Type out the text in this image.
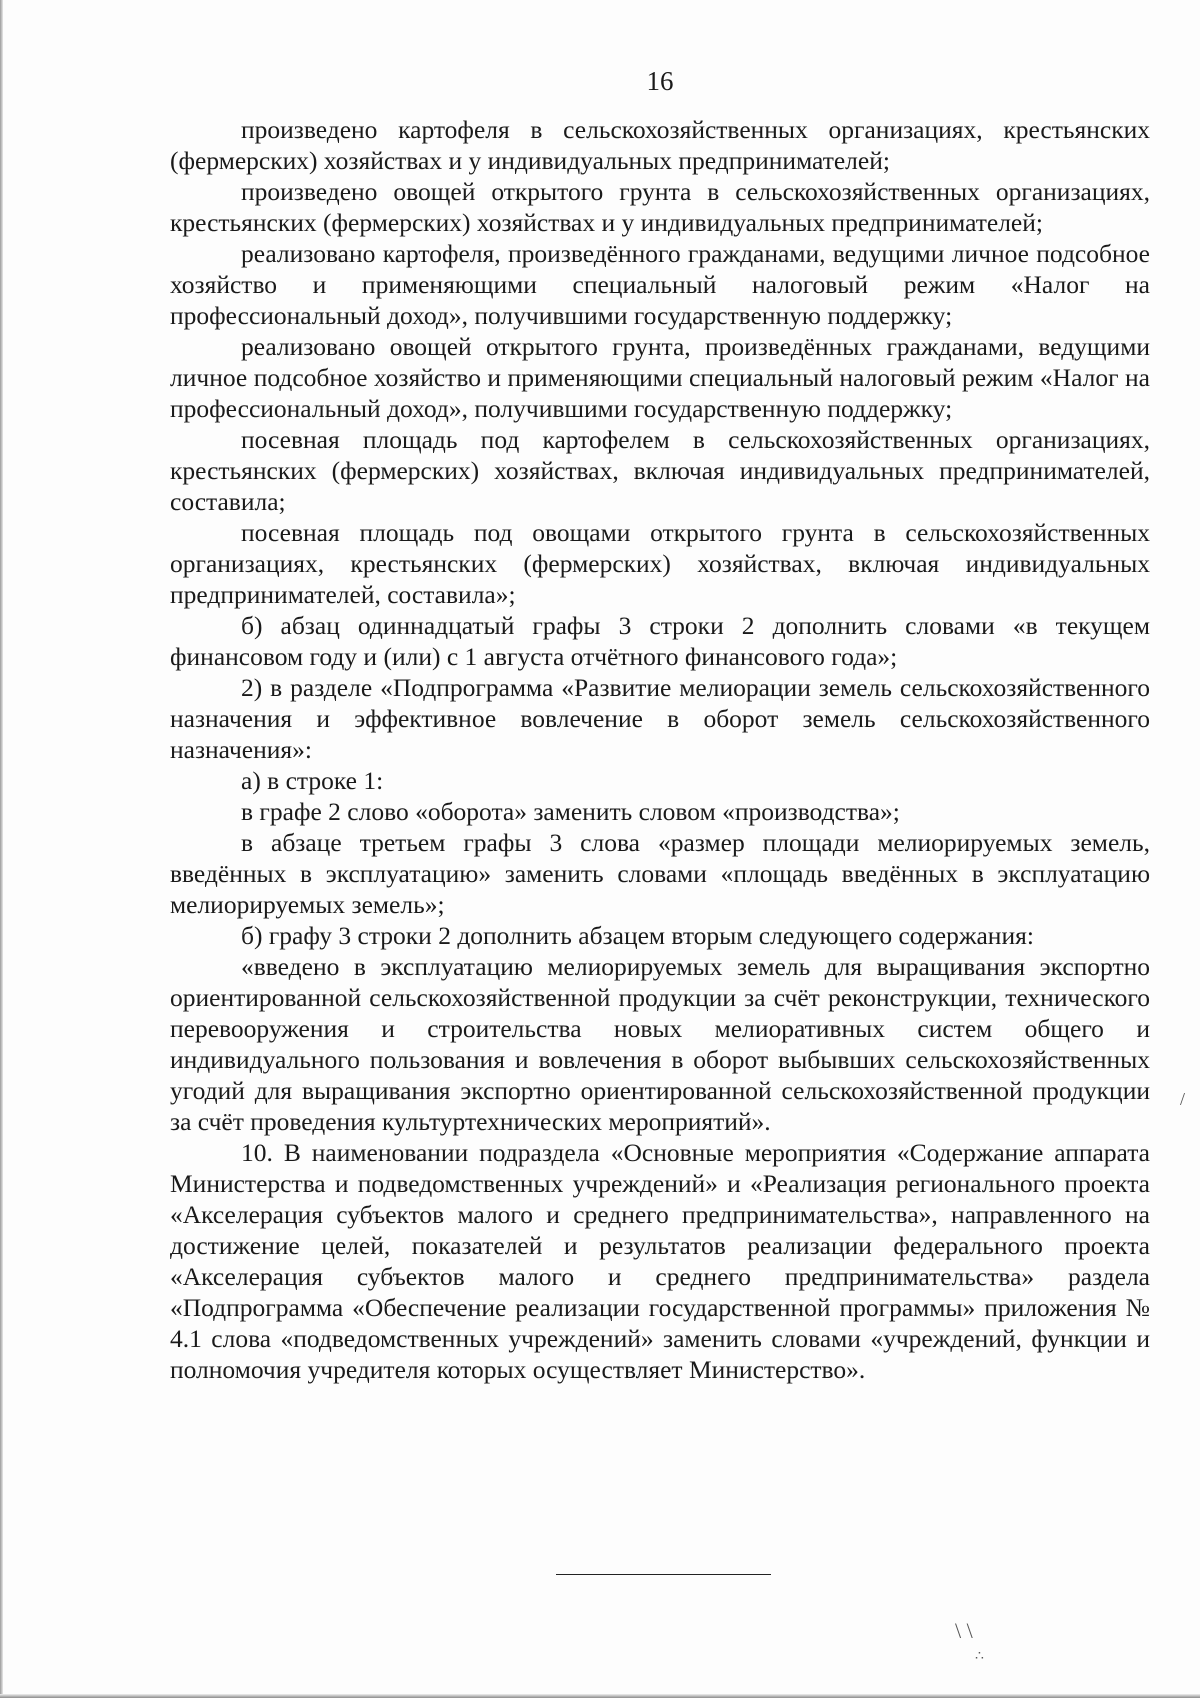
16

произведено картофеля в сельскохозяйственных организациях, крестьянских (фермерских) хозяйствах и у индивидуальных предпринимателей;

произведено овощей открытого грунта в сельскохозяйственных организациях, крестьянских (фермерских) хозяйствах и у индивидуальных предпринимателей;

реализовано картофеля, произведённого гражданами, ведущими личное подсобное хозяйство и применяющими специальный налоговый режим «Налог на профессиональный доход», получившими государственную поддержку;

реализовано овощей открытого грунта, произведённых гражданами, ведущими личное подсобное хозяйство и применяющими специальный налоговый режим «Налог на профессиональный доход», получившими государственную поддержку;

посевная площадь под картофелем в сельскохозяйственных организациях, крестьянских (фермерских) хозяйствах, включая индивидуальных предпринимателей, составила;

посевная площадь под овощами открытого грунта в сельскохозяйственных организациях, крестьянских (фермерских) хозяйствах, включая индивидуальных предпринимателей, составила»;

б) абзац одиннадцатый графы 3 строки 2 дополнить словами «в текущем финансовом году и (или) с 1 августа отчётного финансового года»;

2) в разделе «Подпрограмма «Развитие мелиорации земель сельскохозяйственного назначения и эффективное вовлечение в оборот земель сельскохозяйственного назначения»:

а) в строке 1:

в графе 2 слово «оборота» заменить словом «производства»;

в абзаце третьем графы 3 слова «размер площади мелиорируемых земель, введённых в эксплуатацию» заменить словами «площадь введённых в эксплуатацию мелиорируемых земель»;

б) графу 3 строки 2 дополнить абзацем вторым следующего содержания:

«введено в эксплуатацию мелиорируемых земель для выращивания экспортно ориентированной сельскохозяйственной продукции за счёт реконструкции, технического перевооружения и строительства новых мелиоративных систем общего и индивидуального пользования и вовлечения в оборот выбывших сельскохозяйственных угодий для выращивания экспортно ориентированной сельскохозяйственной продукции за счёт проведения культуртехнических мероприятий».

10. В наименовании подраздела «Основные мероприятия «Содержание аппарата Министерства и подведомственных учреждений» и «Реализация регионального проекта «Акселерация субъектов малого и среднего предпринимательства», направленного на достижение целей, показателей и результатов реализации федерального проекта «Акселерация субъектов малого и среднего предпринимательства» раздела «Подпрограмма «Обеспечение реализации государственной программы» приложения № 4.1 слова «подведомственных учреждений» заменить словами «учреждений, функции и полномочия учредителя которых осуществляет Министерство».

\ \
∴
/
